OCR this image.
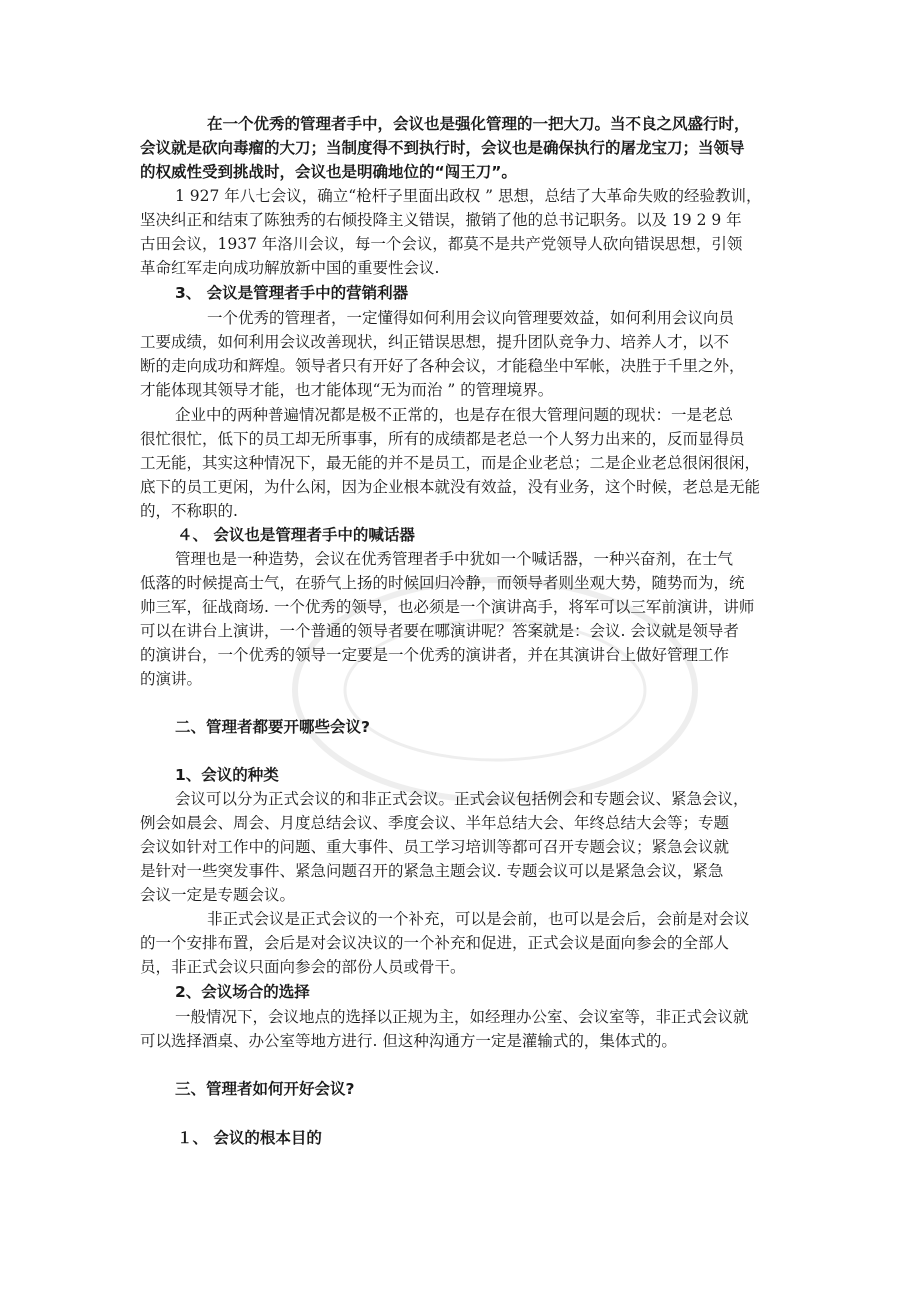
在一个优秀的管理者手中，会议也是强化管理的一把大刀。当不良之风盛行时，
会议就是砍向毒瘤的大刀；当制度得不到执行时，会议也是确保执行的屠龙宝刀；当领导
的权威性受到挑战时，会议也是明确地位的“闯王刀”。
1 927 年八七会议，确立“枪杆子里面出政权 ” 思想，总结了大革命失败的经验教训，
坚决纠正和结束了陈独秀的右倾投降主义错误，撤销了他的总书记职务。以及 19 2 9 年
古田会议，1937 年洛川会议，每一个会议，都莫不是共产党领导人砍向错误思想，引领
革命红军走向成功解放新中国的重要性会议.
3、 会议是管理者手中的营销利器
一个优秀的管理者，一定懂得如何利用会议向管理要效益，如何利用会议向员
工要成绩，如何利用会议改善现状，纠正错误思想，提升团队竞争力、培养人才，以不
断的走向成功和辉煌。领导者只有开好了各种会议，才能稳坐中军帐，决胜于千里之外，
才能体现其领导才能，也才能体现“无为而治 ” 的管理境界。
企业中的两种普遍情况都是极不正常的，也是存在很大管理问题的现状：一是老总
很忙很忙，低下的员工却无所事事，所有的成绩都是老总一个人努力出来的，反而显得员
工无能，其实这种情况下，最无能的并不是员工，而是企业老总；二是企业老总很闲很闲，
底下的员工更闲，为什么闲，因为企业根本就没有效益，没有业务，这个时候，老总是无能
的，不称职的.
４、 会议也是管理者手中的喊话器
管理也是一种造势，会议在优秀管理者手中犹如一个喊话器，一种兴奋剂，在士气
低落的时候提高士气，在骄气上扬的时候回归冷静，而领导者则坐观大势，随势而为，统
帅三军，征战商场. 一个优秀的领导，也必须是一个演讲高手，将军可以三军前演讲，讲师
可以在讲台上演讲，一个普通的领导者要在哪演讲呢？答案就是：会议. 会议就是领导者
的演讲台，一个优秀的领导一定要是一个优秀的演讲者，并在其演讲台上做好管理工作
的演讲。
二、管理者都要开哪些会议?
1、会议的种类
会议可以分为正式会议的和非正式会议。正式会议包括例会和专题会议、紧急会议，
例会如晨会、周会、月度总结会议、季度会议、半年总结大会、年终总结大会等；专题
会议如针对工作中的问题、重大事件、员工学习培训等都可召开专题会议；紧急会议就
是针对一些突发事件、紧急问题召开的紧急主题会议. 专题会议可以是紧急会议，紧急
会议一定是专题会议。
非正式会议是正式会议的一个补充，可以是会前，也可以是会后，会前是对会议
的一个安排布置，会后是对会议决议的一个补充和促进，正式会议是面向参会的全部人
员，非正式会议只面向参会的部份人员或骨干。
2、会议场合的选择
一般情况下，会议地点的选择以正规为主，如经理办公室、会议室等，非正式会议就
可以选择酒桌、办公室等地方进行. 但这种沟通方一定是灌输式的，集体式的。
三、管理者如何开好会议?
１、 会议的根本目的
